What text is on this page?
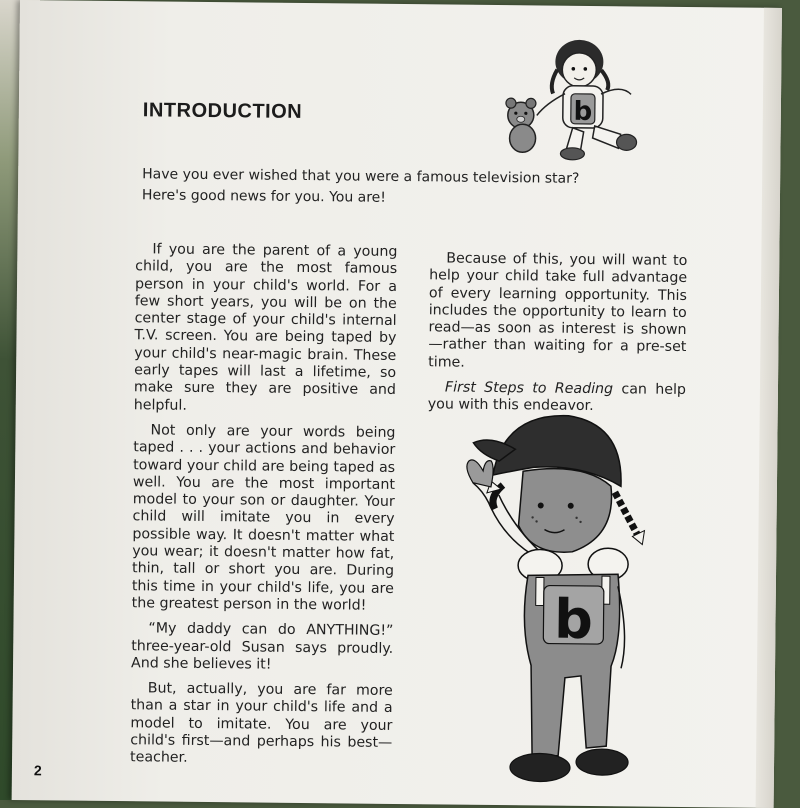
INTRODUCTION

Have you ever wished that you were a famous television star? Here's good news for you. You are!

If you are the parent of a young child, you are the most famous person in your child's world. For a few short years, you will be on the center stage of your child's internal T.V. screen. You are being taped by your child's near-magic brain. These early tapes will last a lifetime, so make sure they are positive and helpful.

Not only are your words being taped . . . your actions and behavior toward your child are being taped as well. You are the most important model to your son or daughter. Your child will imitate you in every possible way. It doesn't matter what you wear; it doesn't matter how fat, thin, tall or short you are. During this time in your child's life, you are the greatest person in the world!

“My daddy can do ANYTHING!” three-year-old Susan says proudly. And she believes it!

But, actually, you are far more than a star in your child's life and a model to imitate. You are your child's first—and perhaps his best—teacher.

Because of this, you will want to help your child take full advantage of every learning opportunity. This includes the opportunity to learn to read—as soon as interest is shown—rather than waiting for a pre-set time.

First Steps to Reading can help you with this endeavor.

b
b
2
